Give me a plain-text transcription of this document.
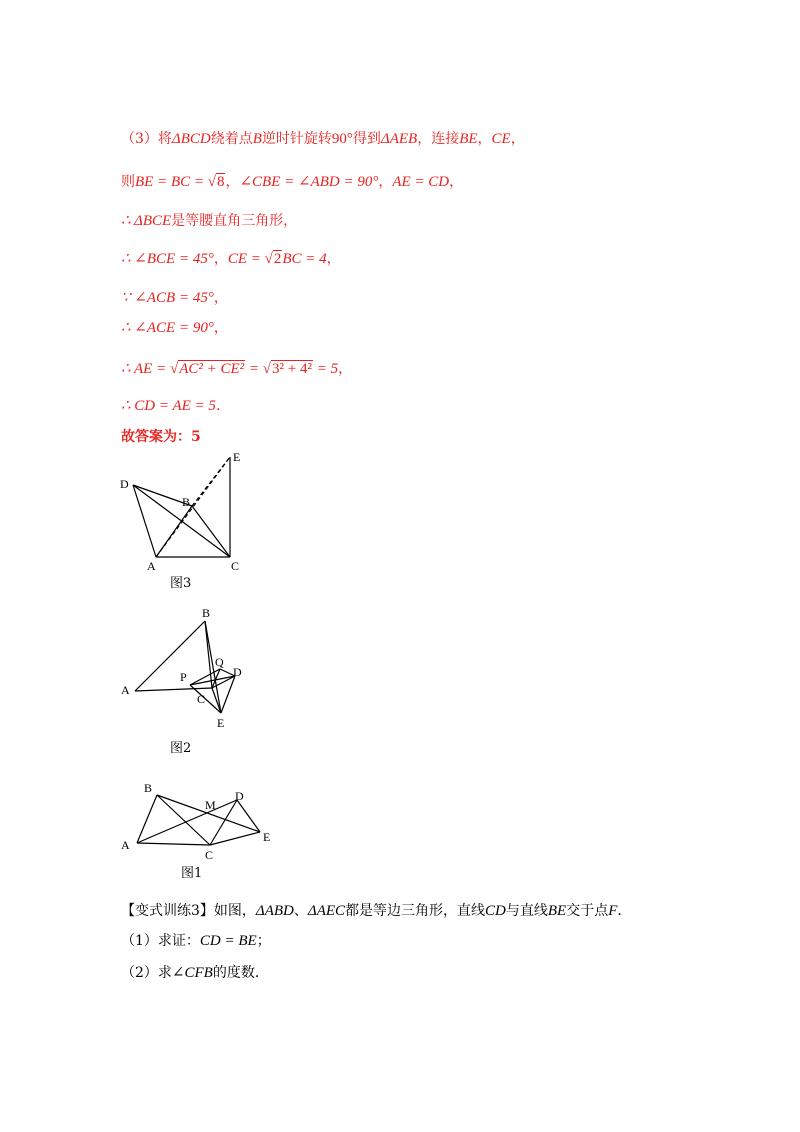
（3）将ΔBCD绕着点B逆时针旋转90°得到ΔAEB，连接BE，CE，
则BE = BC = √8，∠CBE = ∠ABD = 90°，AE = CD，
∴ ΔBCE是等腰直角三角形，
∴ ∠BCE = 45°，CE = √2BC = 4，
∵ ∠ACB = 45°，
∴ ∠ACE = 90°，
∴ AE = √AC² + CE² = √3² + 4² = 5，
∴ CD = AE = 5.
故答案为：5
D
B
E
A	C
B
A
P
Q
D
C
E
B
M
D
A
C
E
图3
图2
图1
【变式训练3】如图，ΔABD、ΔAEC都是等边三角形，直线CD与直线BE交于点F．
（1）求证：CD = BE；
（2）求∠CFB的度数．
